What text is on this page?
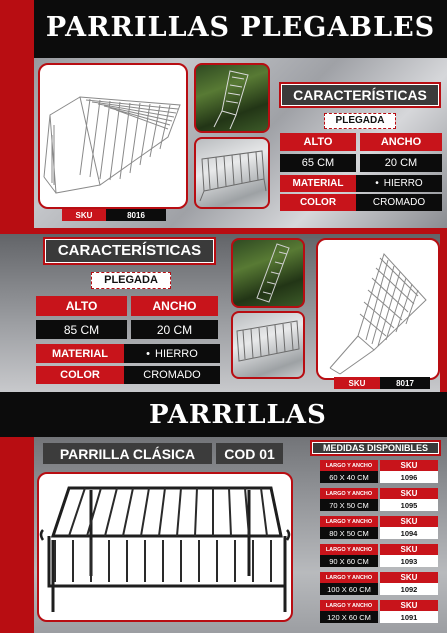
PARRILLAS PLEGABLES
SKU	8016
CARACTERÍSTICAS
PLEGADA
ALTO	ANCHO
65 CM	20 CM
MATERIAL	• HIERRO
COLOR	CROMADO
CARACTERÍSTICAS
PLEGADA
ALTO	ANCHO
85 CM	20 CM
MATERIAL	• HIERRO
COLOR	CROMADO
SKU	8017
PARRILLAS
PARRILLA CLÁSICA	COD 01	MEDIDAS DISPONIBLES
LARGO Y ANCHO	SKU
60 X 40 CM	1096
LARGO Y ANCHO	SKU
70 X 50 CM	1095
LARGO Y ANCHO	SKU
80 X 50 CM	1094
LARGO Y ANCHO	SKU
90 X 60 CM	1093
LARGO Y ANCHO	SKU
100 X 60 CM	1092
LARGO Y ANCHO	SKU
120 X 60 CM	1091
